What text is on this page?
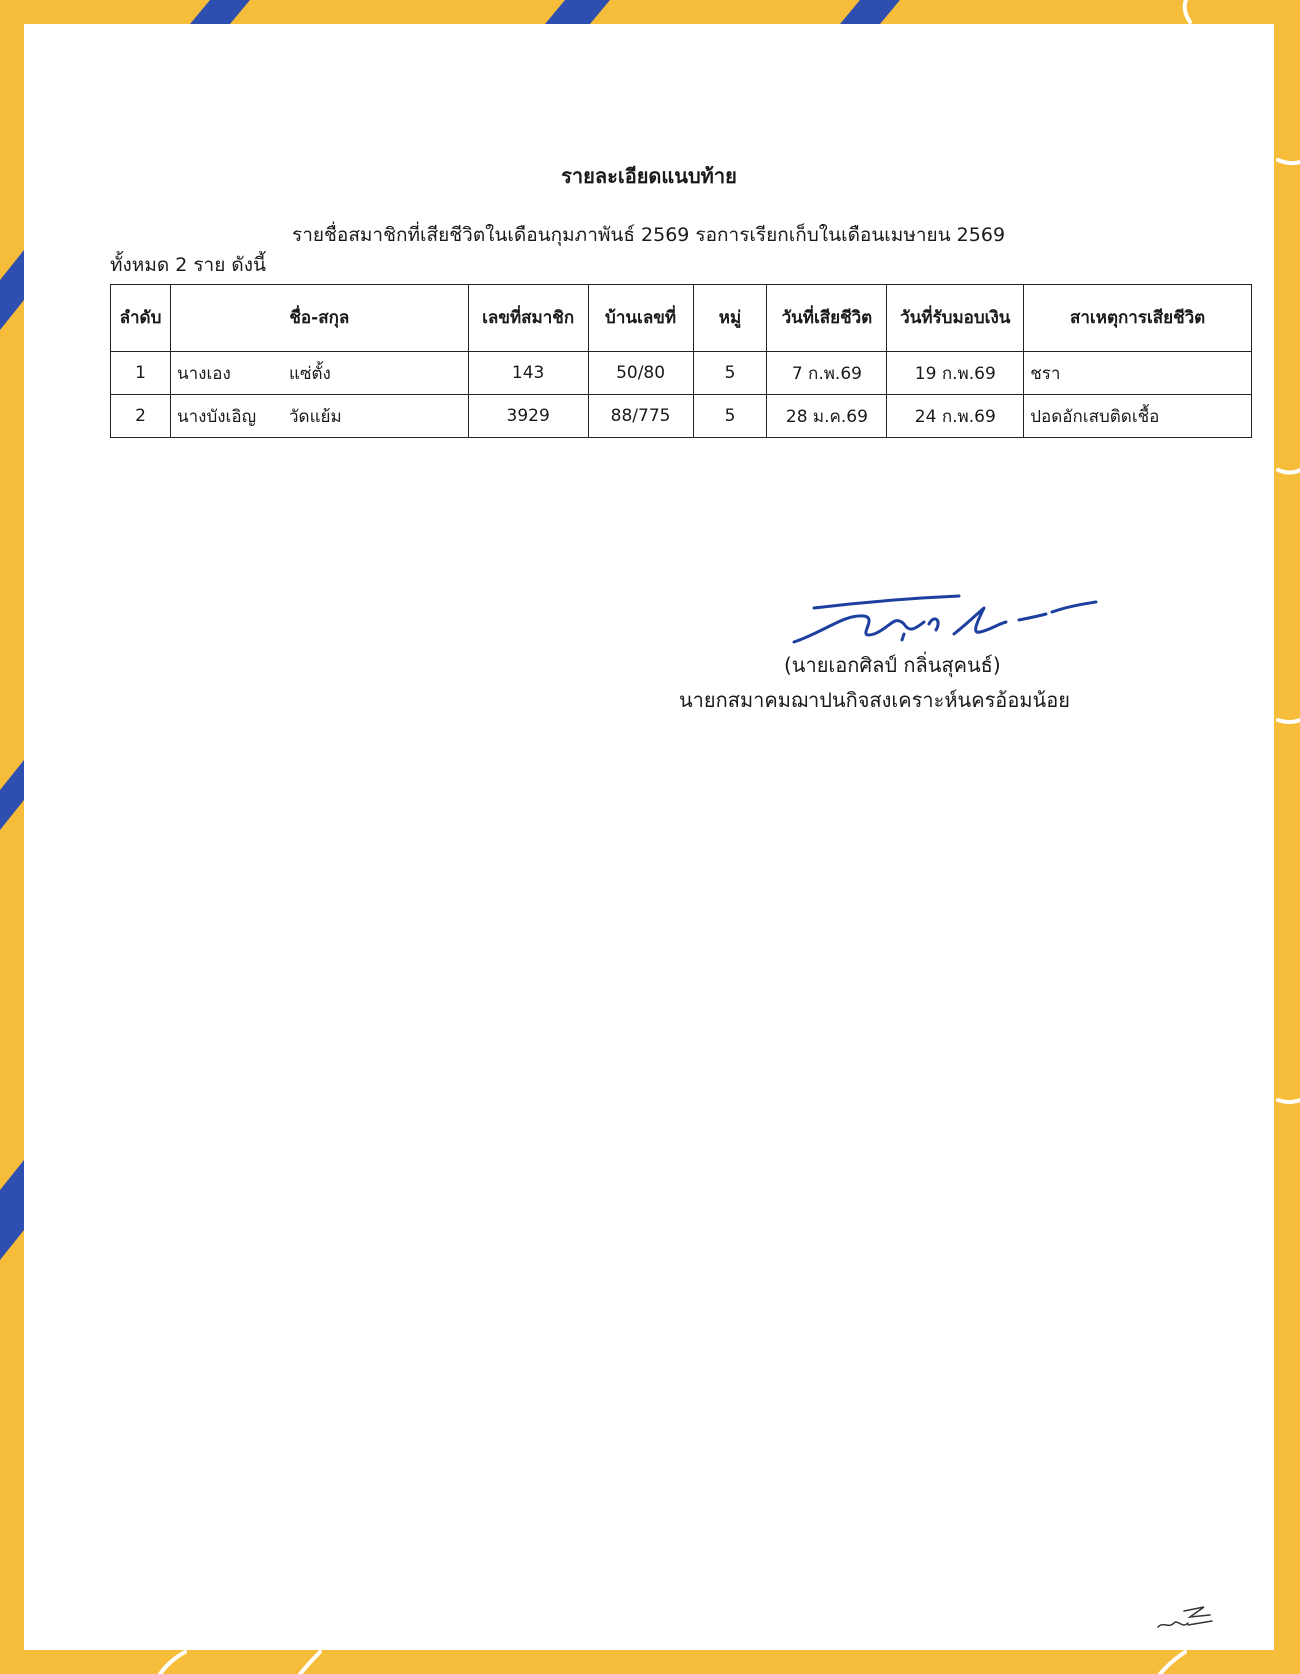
รายละเอียดแนบท้าย
รายชื่อสมาชิกที่เสียชีวิตในเดือนกุมภาพันธ์ 2569 รอการเรียกเก็บในเดือนเมษายน 2569
ทั้งหมด 2 ราย ดังนี้
ลำดับ	ชื่อ-สกุล	เลขที่สมาชิก	บ้านเลขที่	หมู่	วันที่เสียชีวิต	วันที่รับมอบเงิน	สาเหตุการเสียชีวิต
1	นางเอง แซ่ตั้ง	143	50/80	5	7 ก.พ.69	19 ก.พ.69	ชรา
2	นางบังเอิญ วัดแย้ม	3929	88/775	5	28 ม.ค.69	24 ก.พ.69	ปอดอักเสบติดเชื้อ
(นายเอกศิลป์ กลิ่นสุคนธ์)
นายกสมาคมฌาปนกิจสงเคราะห์นครอ้อมน้อย
